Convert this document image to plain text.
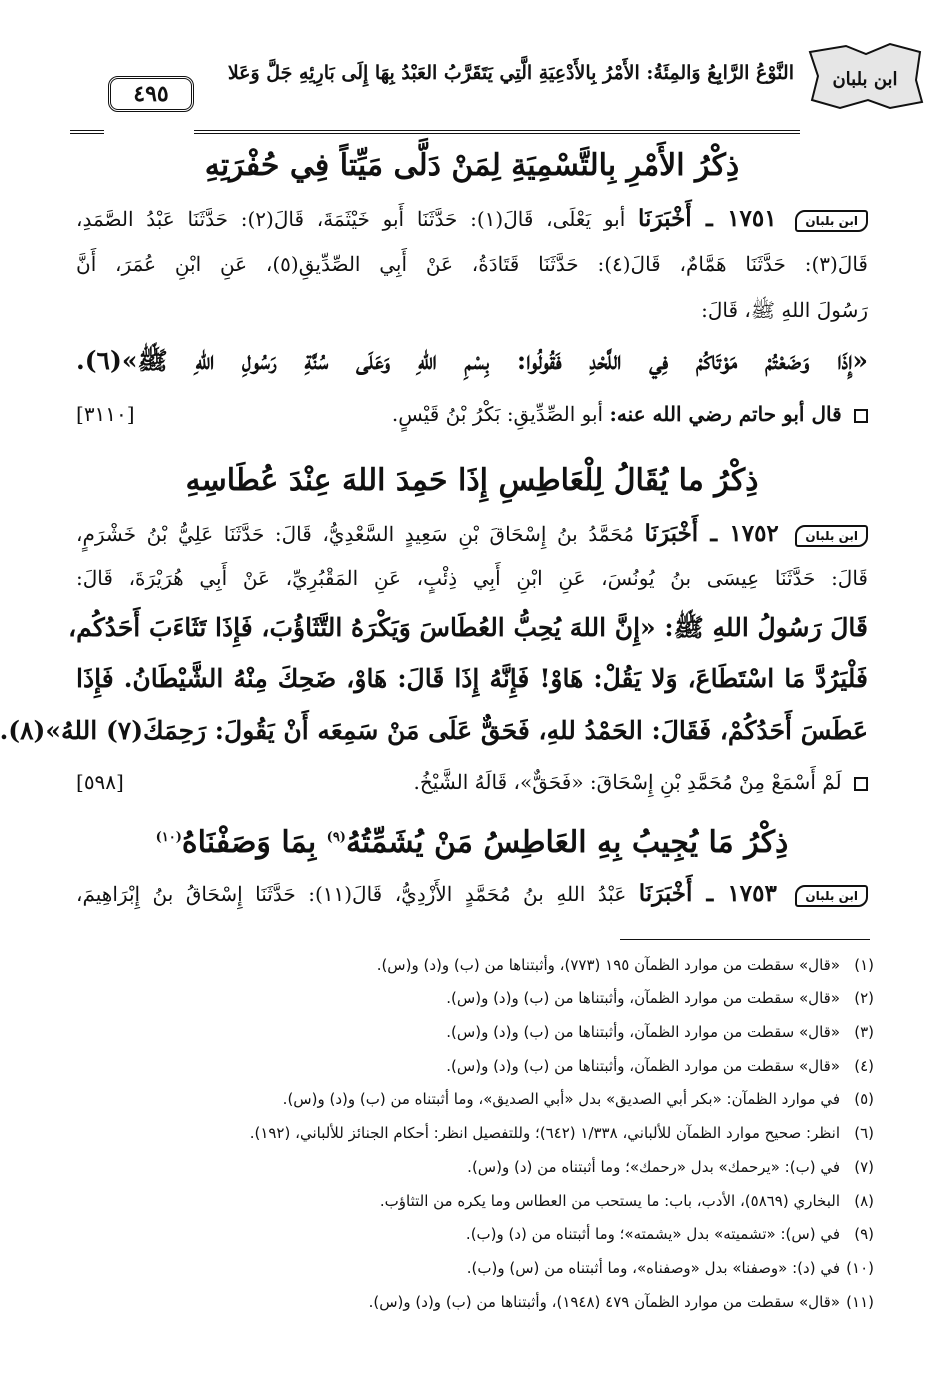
ابن بلبان
النَّوْعُ الرَّابِعُ وَالمِئَةُ: الأَمْرُ بِالأَدْعِيَةِ الَّتِي يَتَقَرَّبُ العَبْدُ بِهَا إِلَى بَارِئِهِ جَلَّ وَعَلا
٤٩٥
ذِكْرُ الأَمْرِ بِالتَّسْمِيَةِ لِمَنْ دَلَّى مَيِّتاً فِي حُفْرَتِهِ
ابن بلبان ١٧٥١ ـ أَخْبَرَنَا أبو يَعْلَى، قَالَ(١): حَدَّثَنَا أَبو خَيْثَمَةَ، قَالَ(٢): حَدَّثَنَا عَبْدُ الصَّمَدِ،
قَالَ(٣): حَدَّثَنَا هَمَّامٌ، قَالَ(٤): حَدَّثَنَا قَتَادَةُ، عَنْ أَبِي الصِّدِّيقِ(٥)، عَنِ ابْنِ عُمَرَ، أَنَّ
رَسُولَ اللهِ ﷺ، قَالَ:
«إِذَا وَضَعْتُمْ مَوْتَاكُمْ فِي اللَّحْدِ فَقُولُوا: بِسْمِ اللهِ وَعَلَى سُنَّةِ رَسُولِ اللهِ ﷺ»(٦).
قال أبو حاتم رضي الله عنه: أبو الصِّدِّيقِ: بَكْرُ بْنُ قَيْسٍ.
[٣١١٠]
ذِكْرُ ما يُقَالُ لِلْعَاطِسِ إِذَا حَمِدَ اللهَ عِنْدَ عُطَاسِهِ
ابن بلبان ١٧٥٢ ـ أَخْبَرَنَا مُحَمَّدُ بنُ إِسْحَاقَ بْنِ سَعِيدٍ السَّعْدِيُّ، قَالَ: حَدَّثَنَا عَلِيُّ بْنُ خَشْرَمٍ،
قَالَ: حَدَّثَنَا عِيسَى بنُ يُونُسَ، عَنِ ابْنِ أَبِي ذِئْبٍ، عَنِ المَقْبُرِيِّ، عَنْ أَبِي هُرَيْرَةَ، قَالَ:
قَالَ رَسُولُ اللهِ ﷺ: «إِنَّ اللهَ يُحِبُّ العُطَاسَ وَيَكْرَهُ التَّثَاؤُبَ، فَإِذَا تَثَاءَبَ أَحَدُكُم،
فَلْيَرُدَّ مَا اسْتَطَاعَ، وَلا يَقُلْ: هَاوْ! فَإِنَّهُ إِذَا قَالَ: هَاوْ، ضَحِكَ مِنْهُ الشَّيْطَانُ. فَإِذَا
عَطَسَ أَحَدُكُمْ، فَقَالَ: الحَمْدُ للهِ، فَحَقٌّ عَلَى مَنْ سَمِعَه أَنْ يَقُولَ: رَحِمَكَ(٧) اللهُ»(٨).
لَمْ أَسْمَعْ مِنْ مُحَمَّدِ بْنِ إِسْحَاقَ: «فَحَقٌّ»، قَالَهُ الشَّيْخُ.
[٥٩٨]
ذِكْرُ مَا يُجِيبُ بِهِ العَاطِسُ مَنْ يُشَمِّتُهُ$^{(٩)}$ بِمَا وَصَفْنَاهُ$^{(١٠)}$
ابن بلبان ١٧٥٣ ـ أَخْبَرَنَا عَبْدُ اللهِ بنُ مُحَمَّدٍ الأَزْدِيُّ، قَالَ(١١): حَدَّثَنَا إِسْحَاقُ بنُ إِبْرَاهِيمَ،
(١)«قال» سقطت من موارد الظمآن ١٩٥ (٧٧٣)، وأثبتناها من (ب) و(د) و(س).
(٢)«قال» سقطت من موارد الظمآن، وأثبتناها من (ب) و(د) و(س).
(٣)«قال» سقطت من موارد الظمآن، وأثبتناها من (ب) و(د) و(س).
(٤)«قال» سقطت من موارد الظمآن، وأثبتناها من (ب) و(د) و(س).
(٥)في موارد الظمآن: «بكر أبي الصديق» بدل «أبي الصديق»، وما أثبتناه من (ب) و(د) و(س).
(٦)انظر: صحيح موارد الظمآن للألباني، ١/٣٣٨ (٦٤٢)؛ وللتفصيل انظر: أحكام الجنائز للألباني، (١٩٢).
(٧)في (ب): «يرحمك» بدل «رحمك»؛ وما أثبتناه من (د) و(س).
(٨)البخاري (٥٨٦٩)، الأدب، باب: ما يستحب من العطاس وما يكره من التثاؤب.
(٩)في (س): «تشميته» بدل «يشمته»؛ وما أثبتناه من (د) و(ب).
(١٠)في (د): «وصفنا» بدل «وصفناه»، وما أثبتناه من (س) و(ب).
(١١)«قال» سقطت من موارد الظمآن ٤٧٩ (١٩٤٨)، وأثبتناها من (ب) و(د) و(س).
